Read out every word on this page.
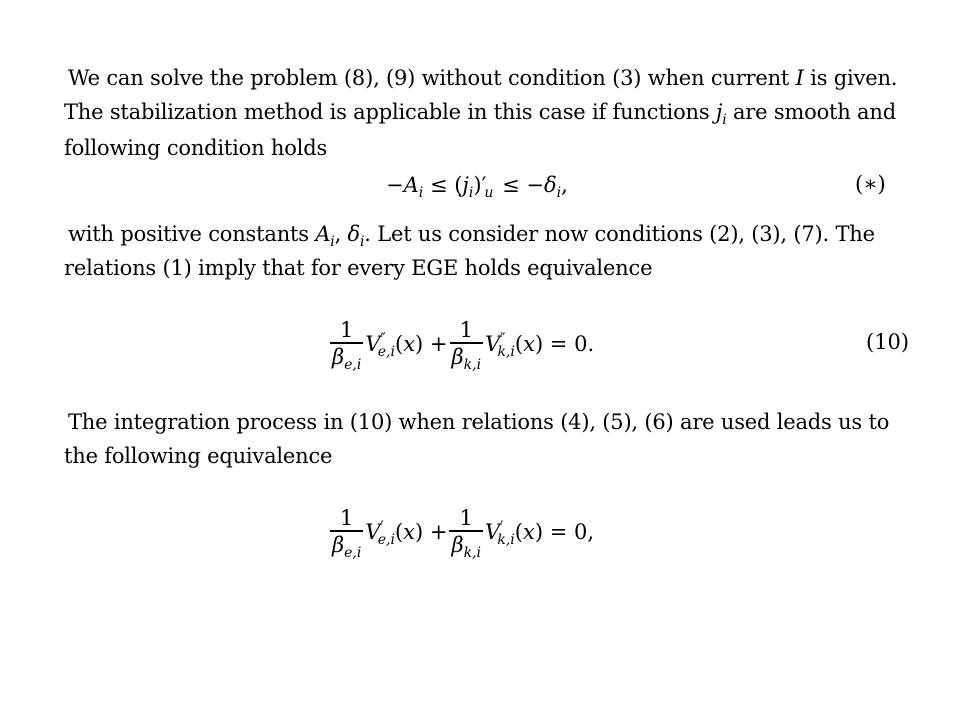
We can solve the problem (8), (9) without condition (3) when current I is given.
The stabilization method is applicable in this case if functions $j_i$ are smooth and
following condition holds
$-A_i \le (j_i)'_u \le -\delta_i$,	(∗)
with positive constants $A_i$, $\delta_i$. Let us consider now conditions (2), (3), (7). The
relations (1) imply that for every EGE holds equivalence
$\frac{1}{\beta_{e,i}} V''_{e,i}(x) + \frac{1}{\beta_{k,i}} V''_{k,i}(x) = 0$.	(10)
The integration process in (10) when relations (4), (5), (6) are used leads us to
the following equivalence
$\frac{1}{\beta_{e,i}} V'_{e,i}(x) + \frac{1}{\beta_{k,i}} V'_{k,i}(x) = 0$,
